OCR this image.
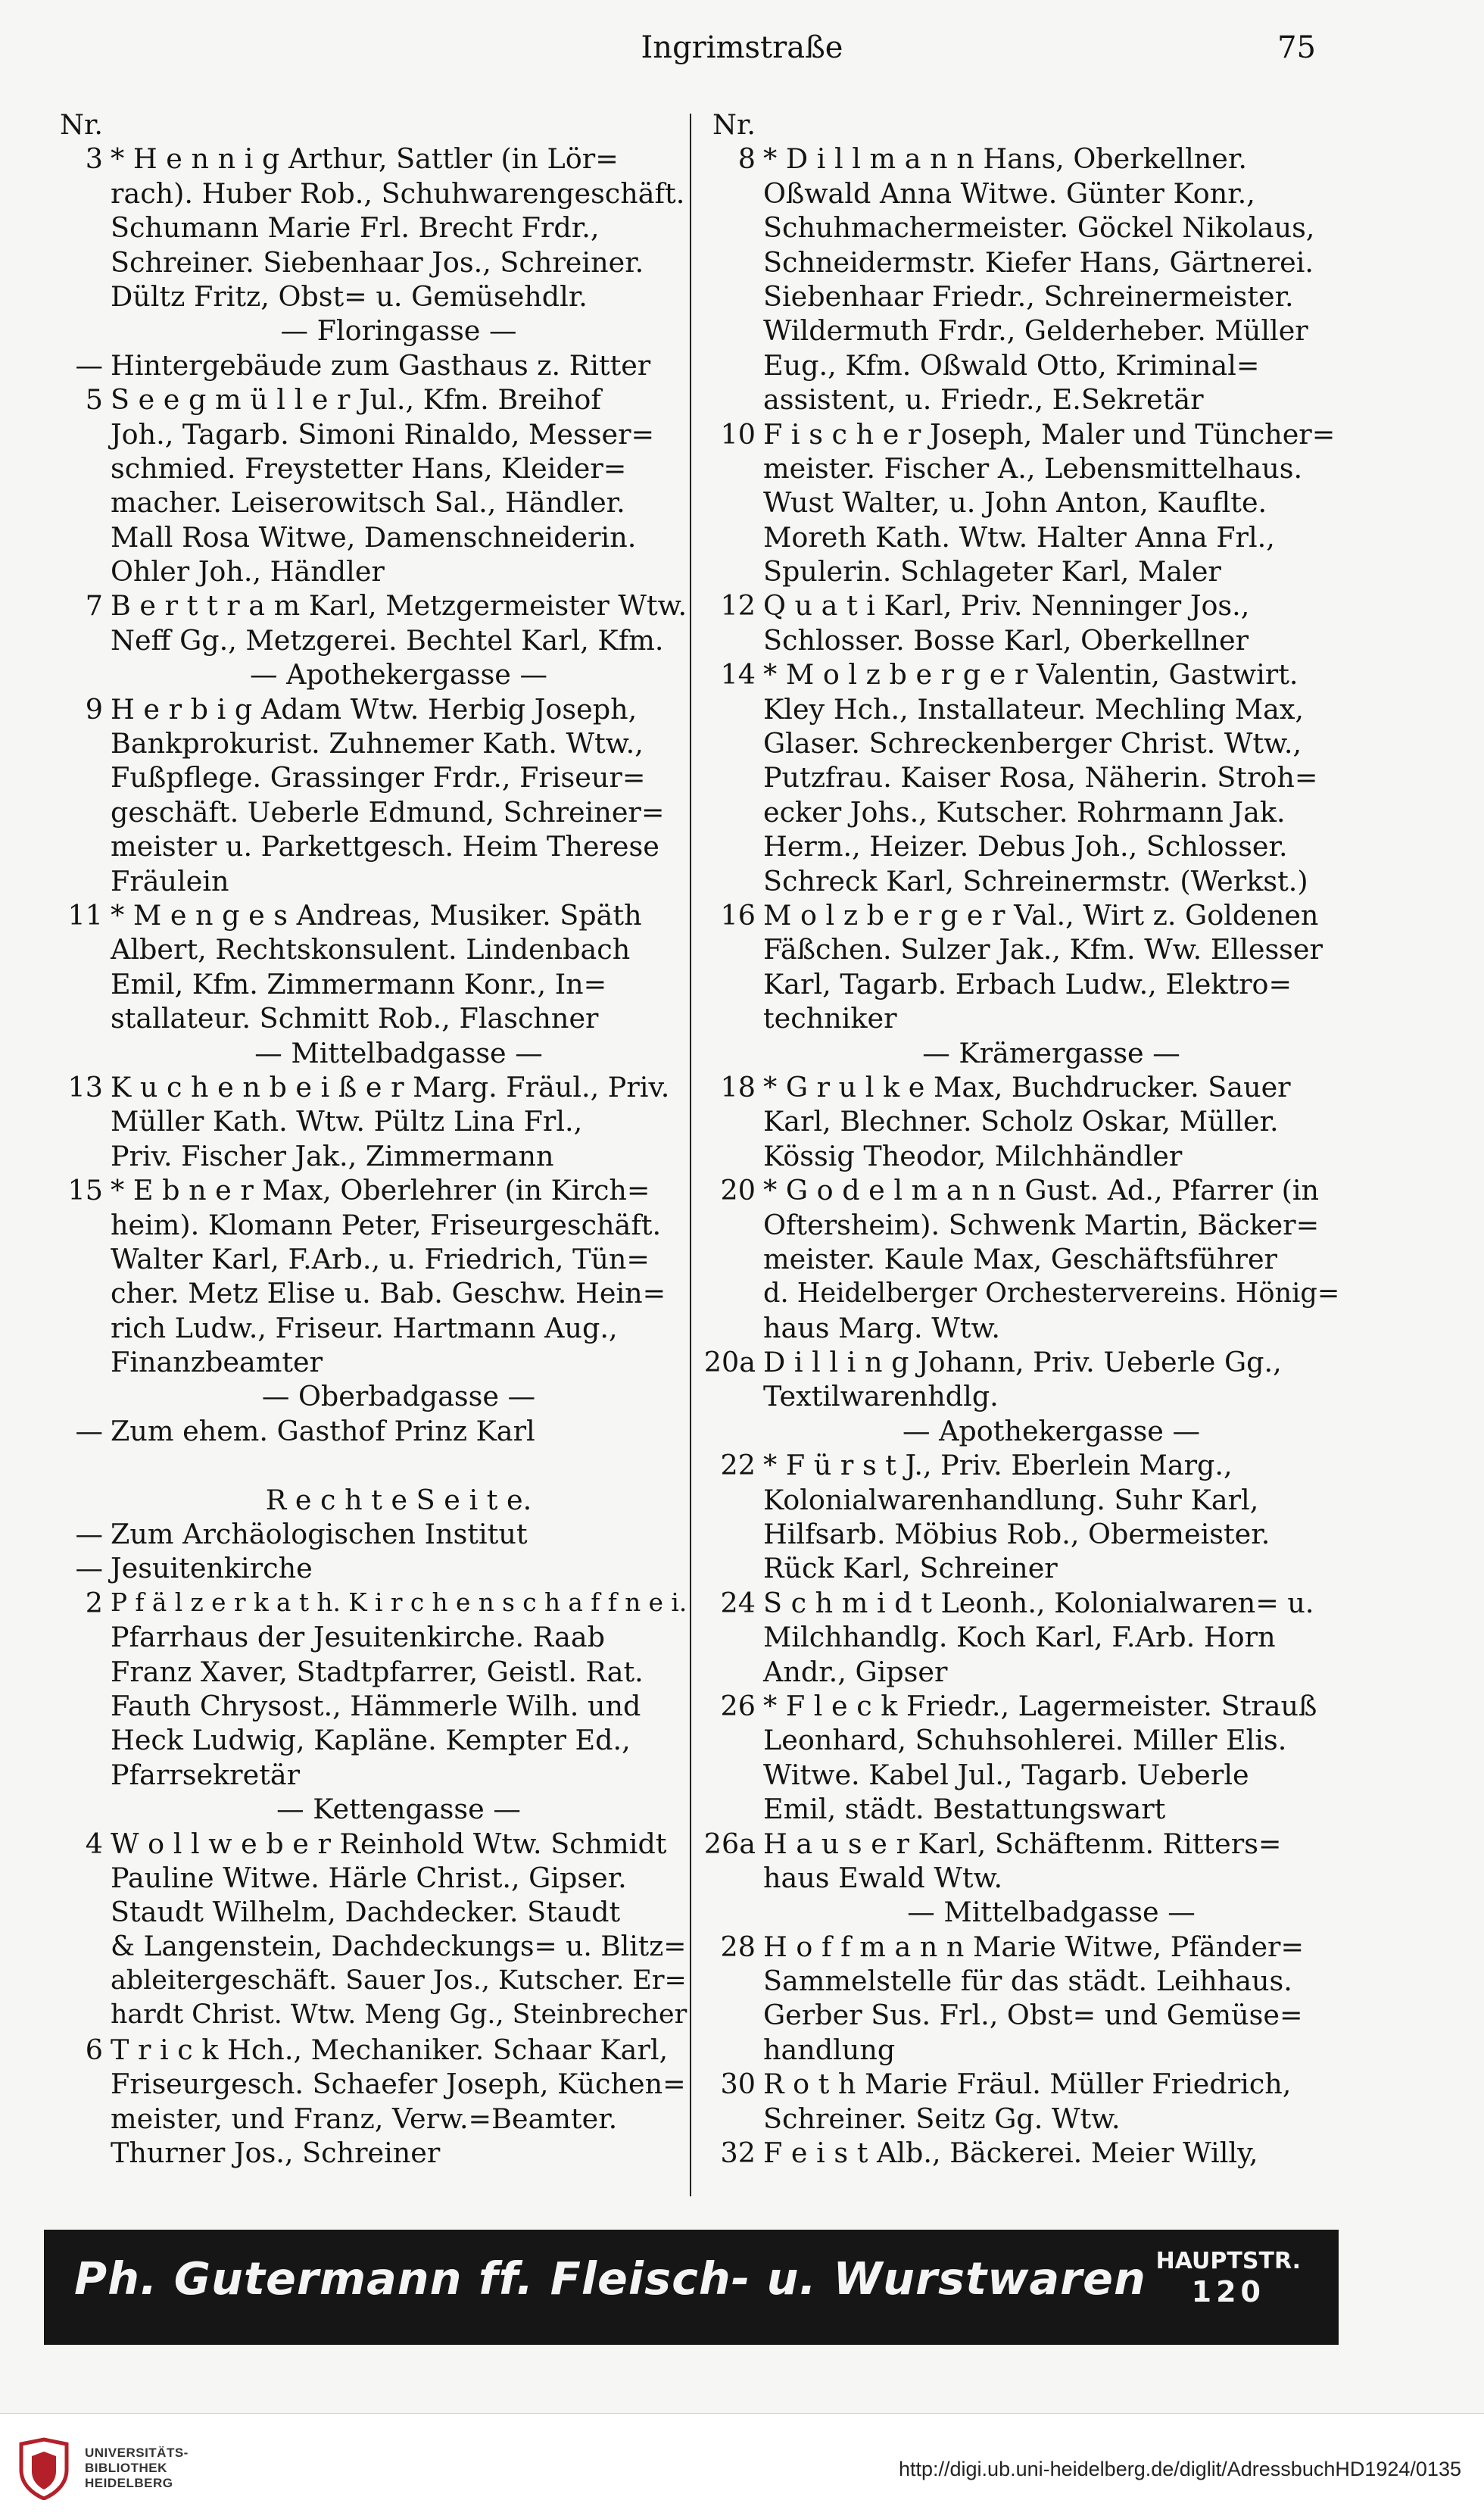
Ingrimstraße	75
Nr.
3 * H e n n i g Arthur, Sattler (in Lör=
rach). Huber Rob., Schuhwarengeschäft.
Schumann Marie Frl. Brecht Frdr.,
Schreiner. Siebenhaar Jos., Schreiner.
Dültz Fritz, Obst= u. Gemüsehdlr.
— Floringasse —
— Hintergebäude zum Gasthaus z. Ritter
5 S e e g m ü l l e r Jul., Kfm. Breihof
Joh., Tagarb. Simoni Rinaldo, Messer=
schmied. Freystetter Hans, Kleider=
macher. Leiserowitsch Sal., Händler.
Mall Rosa Witwe, Damenschneiderin.
Ohler Joh., Händler
7 B e r t t r a m Karl, Metzgermeister Wtw.
Neff Gg., Metzgerei. Bechtel Karl, Kfm.
— Apothekergasse —
9 H e r b i g Adam Wtw. Herbig Joseph,
Bankprokurist. Zuhnemer Kath. Wtw.,
Fußpflege. Grassinger Frdr., Friseur=
geschäft. Ueberle Edmund, Schreiner=
meister u. Parkettgesch. Heim Therese
Fräulein
11 * M e n g e s Andreas, Musiker. Späth
Albert, Rechtskonsulent. Lindenbach
Emil, Kfm. Zimmermann Konr., In=
stallateur. Schmitt Rob., Flaschner
— Mittelbadgasse —
13 K u c h e n b e i ß e r Marg. Fräul., Priv.
Müller Kath. Wtw. Pültz Lina Frl.,
Priv. Fischer Jak., Zimmermann
15 * E b n e r Max, Oberlehrer (in Kirch=
heim). Klomann Peter, Friseurgeschäft.
Walter Karl, F.Arb., u. Friedrich, Tün=
cher. Metz Elise u. Bab. Geschw. Hein=
rich Ludw., Friseur. Hartmann Aug.,
Finanzbeamter
— Oberbadgasse —
— Zum ehem. Gasthof Prinz Karl
R e c h t e S e i t e.
— Zum Archäologischen Institut
— Jesuitenkirche
2 P f ä l z e r k a t h. K i r c h e n s c h a f f n e i.
Pfarrhaus der Jesuitenkirche. Raab
Franz Xaver, Stadtpfarrer, Geistl. Rat.
Fauth Chrysost., Hämmerle Wilh. und
Heck Ludwig, Kapläne. Kempter Ed.,
Pfarrsekretär
— Kettengasse —
4 W o l l w e b e r Reinhold Wtw. Schmidt
Pauline Witwe. Härle Christ., Gipser.
Staudt Wilhelm, Dachdecker. Staudt
& Langenstein, Dachdeckungs= u. Blitz=
ableitergeschäft. Sauer Jos., Kutscher. Er=
hardt Christ. Wtw. Meng Gg., Steinbrecher
6 T r i c k Hch., Mechaniker. Schaar Karl,
Friseurgesch. Schaefer Joseph, Küchen=
meister, und Franz, Verw.=Beamter.
Thurner Jos., Schreiner
Nr.
8 * D i l l m a n n Hans, Oberkellner.
Oßwald Anna Witwe. Günter Konr.,
Schuhmachermeister. Göckel Nikolaus,
Schneidermstr. Kiefer Hans, Gärtnerei.
Siebenhaar Friedr., Schreinermeister.
Wildermuth Frdr., Gelderheber. Müller
Eug., Kfm. Oßwald Otto, Kriminal=
assistent, u. Friedr., E.Sekretär
10 F i s c h e r Joseph, Maler und Tüncher=
meister. Fischer A., Lebensmittelhaus.
Wust Walter, u. John Anton, Kauflte.
Moreth Kath. Wtw. Halter Anna Frl.,
Spulerin. Schlageter Karl, Maler
12 Q u a t i Karl, Priv. Nenninger Jos.,
Schlosser. Bosse Karl, Oberkellner
14 * M o l z b e r g e r Valentin, Gastwirt.
Kley Hch., Installateur. Mechling Max,
Glaser. Schreckenberger Christ. Wtw.,
Putzfrau. Kaiser Rosa, Näherin. Stroh=
ecker Johs., Kutscher. Rohrmann Jak.
Herm., Heizer. Debus Joh., Schlosser.
Schreck Karl, Schreinermstr. (Werkst.)
16 M o l z b e r g e r Val., Wirt z. Goldenen
Fäßchen. Sulzer Jak., Kfm. Ww. Ellesser
Karl, Tagarb. Erbach Ludw., Elektro=
techniker
— Krämergasse —
18 * G r u l k e Max, Buchdrucker. Sauer
Karl, Blechner. Scholz Oskar, Müller.
Kössig Theodor, Milchhändler
20 * G o d e l m a n n Gust. Ad., Pfarrer (in
Oftersheim). Schwenk Martin, Bäcker=
meister. Kaule Max, Geschäftsführer
d. Heidelberger Orchestervereins. Hönig=
haus Marg. Wtw.
20a D i l l i n g Johann, Priv. Ueberle Gg.,
Textilwarenhdlg.
— Apothekergasse —
22 * F ü r s t J., Priv. Eberlein Marg.,
Kolonialwarenhandlung. Suhr Karl,
Hilfsarb. Möbius Rob., Obermeister.
Rück Karl, Schreiner
24 S c h m i d t Leonh., Kolonialwaren= u.
Milchhandlg. Koch Karl, F.Arb. Horn
Andr., Gipser
26 * F l e c k Friedr., Lagermeister. Strauß
Leonhard, Schuhsohlerei. Miller Elis.
Witwe. Kabel Jul., Tagarb. Ueberle
Emil, städt. Bestattungswart
26a H a u s e r Karl, Schäftenm. Ritters=
haus Ewald Wtw.
— Mittelbadgasse —
28 H o f f m a n n Marie Witwe, Pfänder=
Sammelstelle für das städt. Leihhaus.
Gerber Sus. Frl., Obst= und Gemüse=
handlung
30 R o t h Marie Fräul. Müller Friedrich,
Schreiner. Seitz Gg. Wtw.
32 F e i s t Alb., Bäckerei. Meier Willy,
Ph. Gutermann ff. Fleisch- u. Wurstwaren HAUPTSTR.
120
UNIVERSITÄTS-
BIBLIOTHEK
HEIDELBERG
http://digi.ub.uni-heidelberg.de/diglit/AdressbuchHD1924/0135
